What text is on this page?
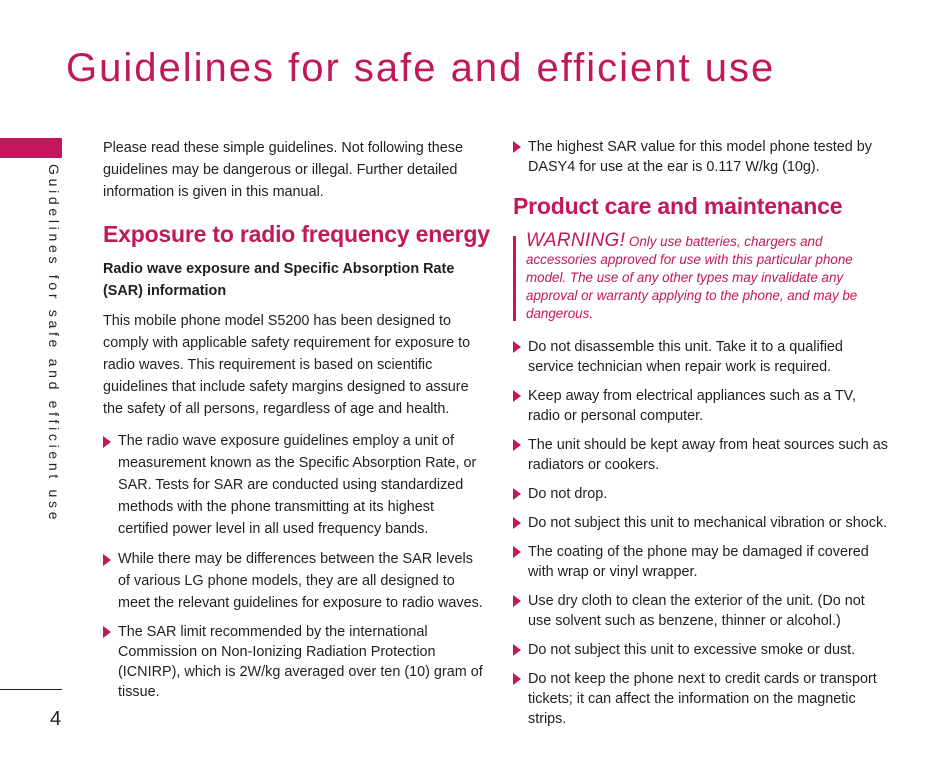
Guidelines for safe and efficient use
Guidelines for safe and efficient use
4

Please read these simple guidelines. Not following these guidelines may be dangerous or illegal. Further detailed information is given in this manual.

Exposure to radio frequency energy

Radio wave exposure and Specific Absorption Rate (SAR) information

This mobile phone model S5200 has been designed to comply with applicable safety requirement for exposure to radio waves. This requirement is based on scientific guidelines that include safety margins designed to assure the safety of all persons, regardless of age and health.

The radio wave exposure guidelines employ a unit of measurement known as the Specific Absorption Rate, or SAR. Tests for SAR are conducted using standardized methods with the phone transmitting at its highest certified power level in all used frequency bands.
While there may be differences between the SAR levels of various LG phone models, they are all designed to meet the relevant guidelines for exposure to radio waves.
The SAR limit recommended by the international Commission on Non-Ionizing Radiation Protection (ICNIRP), which is 2W/kg averaged over ten (10) gram of tissue.
The highest SAR value for this model phone tested by DASY4 for use at the ear is 0.117 W/kg (10g).
Product care and maintenance
WARNING! Only use batteries, chargers and accessories approved for use with this particular phone model. The use of any other types may invalidate any approval or warranty applying to the phone, and may be dangerous.
Do not disassemble this unit. Take it to a qualified service technician when repair work is required.
Keep away from electrical appliances such as a TV, radio or personal computer.
The unit should be kept away from heat sources such as radiators or cookers.
Do not drop.
Do not subject this unit to mechanical vibration or shock.
The coating of the phone may be damaged if covered with wrap or vinyl wrapper.
Use dry cloth to clean the exterior of the unit. (Do not use solvent such as benzene, thinner or alcohol.)
Do not subject this unit to excessive smoke or dust.
Do not keep the phone next to credit cards or transport tickets; it can affect the information on the magnetic strips.
